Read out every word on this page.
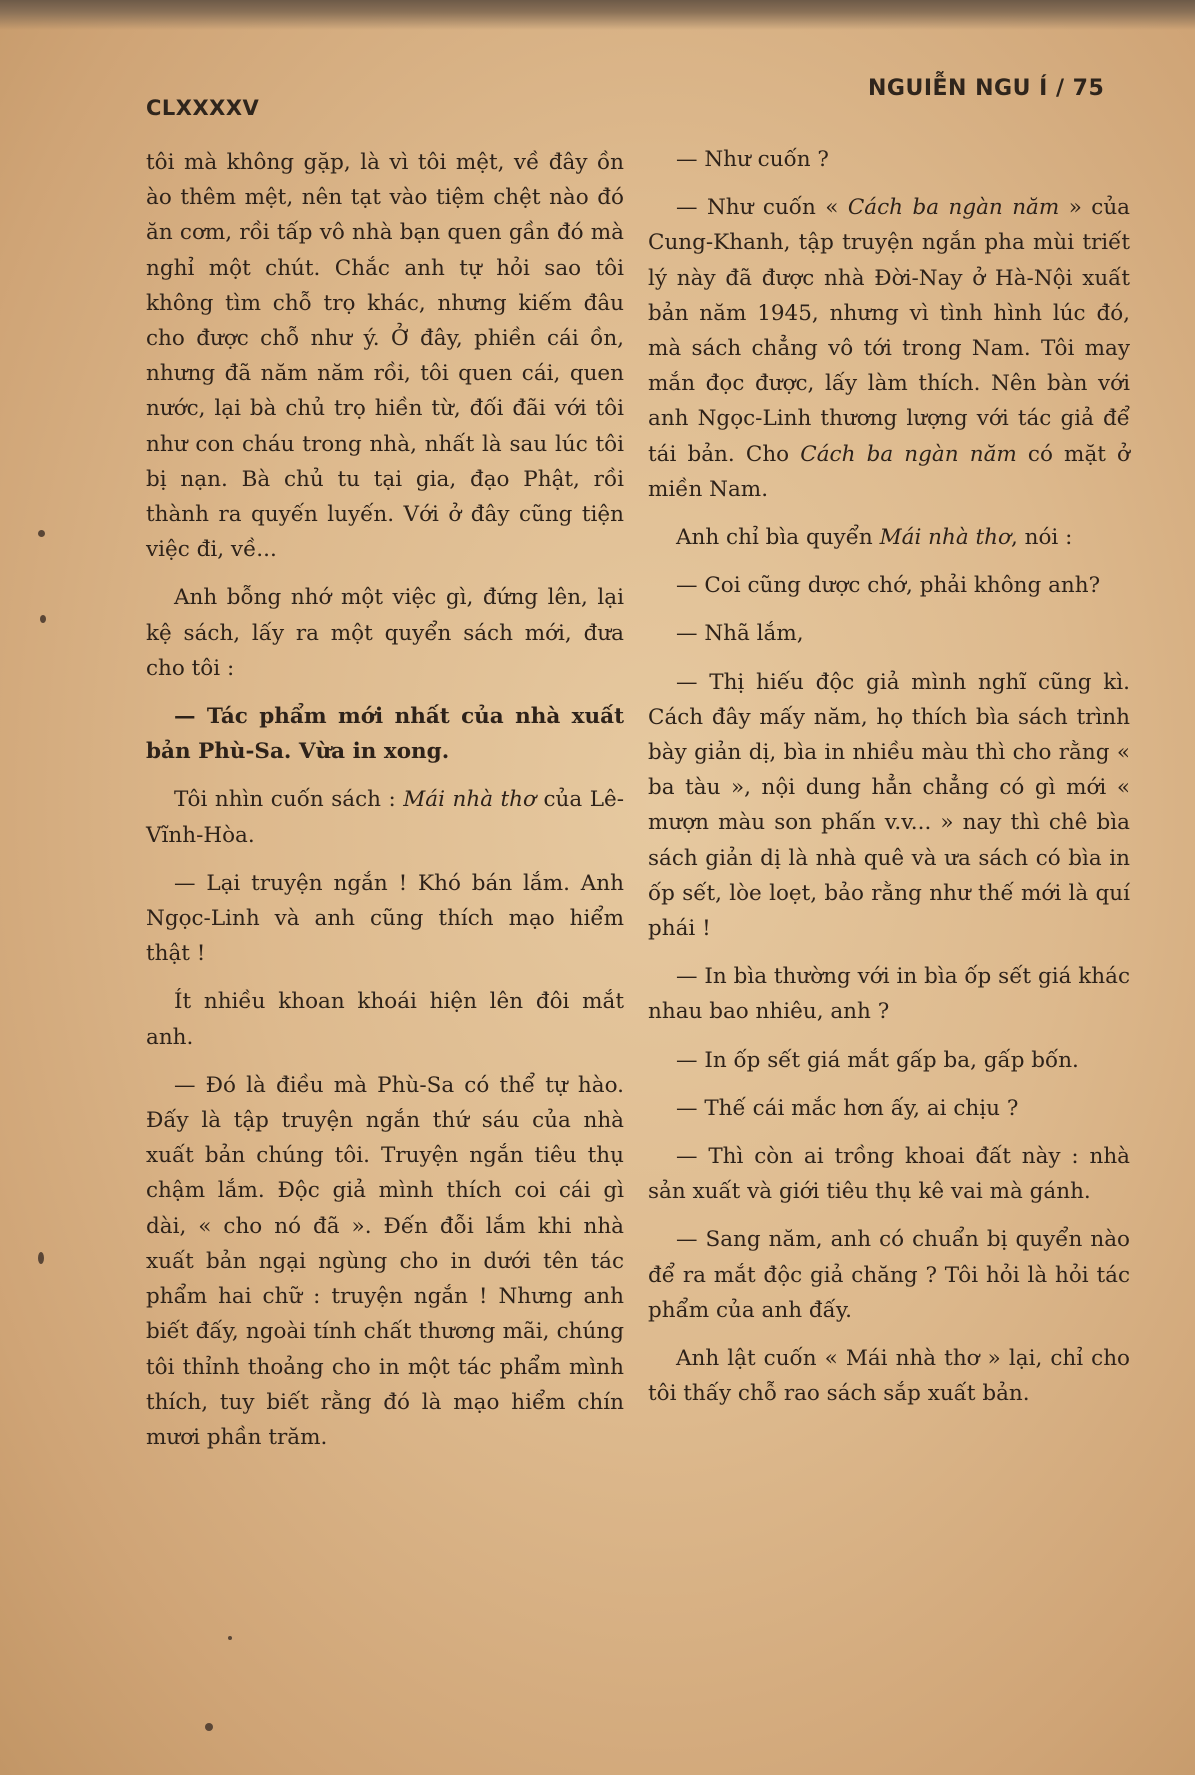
CLXXXXV
NGUIỄN NGU Í / 75

tôi mà không gặp, là vì tôi mệt, về đây ồn ào thêm mệt, nên tạt vào tiệm chệt nào đó ăn cơm, rồi tấp vô nhà bạn quen gần đó mà nghỉ một chút. Chắc anh tự hỏi sao tôi không tìm chỗ trọ khác, nhưng kiếm đâu cho được chỗ như ý. Ở đây, phiền cái ồn, nhưng đã năm năm rồi, tôi quen cái, quen nước, lại bà chủ trọ hiền từ, đối đãi với tôi như con cháu trong nhà, nhất là sau lúc tôi bị nạn. Bà chủ tu tại gia, đạo Phật, rồi thành ra quyến luyến. Với ở đây cũng tiện việc đi, về...

Anh bỗng nhớ một việc gì, đứng lên, lại kệ sách, lấy ra một quyển sách mới, đưa cho tôi :

— Tác phẩm mới nhất của nhà xuất bản Phù-Sa. Vừa in xong.

Tôi nhìn cuốn sách : Mái nhà thơ của Lê-Vĩnh-Hòa.

— Lại truyện ngắn ! Khó bán lắm. Anh Ngọc-Linh và anh cũng thích mạo hiểm thật !

Ít nhiều khoan khoái hiện lên đôi mắt anh.

— Đó là điều mà Phù-Sa có thể tự hào. Đấy là tập truyện ngắn thứ sáu của nhà xuất bản chúng tôi. Truyện ngắn tiêu thụ chậm lắm. Độc giả mình thích coi cái gì dài, « cho nó đã ». Đến đỗi lắm khi nhà xuất bản ngại ngùng cho in dưới tên tác phẩm hai chữ : truyện ngắn ! Nhưng anh biết đấy, ngoài tính chất thương mãi, chúng tôi thỉnh thoảng cho in một tác phẩm mình thích, tuy biết rằng đó là mạo hiểm chín mươi phần trăm.

— Như cuốn ?

— Như cuốn « Cách ba ngàn năm » của Cung-Khanh, tập truyện ngắn pha mùi triết lý này đã được nhà Đời-Nay ở Hà-Nội xuất bản năm 1945, nhưng vì tình hình lúc đó, mà sách chẳng vô tới trong Nam. Tôi may mắn đọc được, lấy làm thích. Nên bàn với anh Ngọc-Linh thương lượng với tác giả để tái bản. Cho Cách ba ngàn năm có mặt ở miền Nam.

Anh chỉ bìa quyển Mái nhà thơ, nói :

— Coi cũng dược chớ, phải không anh?

— Nhã lắm,

— Thị hiếu độc giả mình nghĩ cũng kì. Cách đây mấy năm, họ thích bìa sách trình bày giản dị, bìa in nhiều màu thì cho rằng « ba tàu », nội dung hẳn chẳng có gì mới « mượn màu son phấn v.v... » nay thì chê bìa sách giản dị là nhà quê và ưa sách có bìa in ốp sết, lòe loẹt, bảo rằng như thế mới là quí phái !

— In bìa thường với in bìa ốp sết giá khác nhau bao nhiêu, anh ?

— In ốp sết giá mắt gấp ba, gấp bốn.

— Thế cái mắc hơn ấy, ai chịu ?

— Thì còn ai trồng khoai đất này : nhà sản xuất và giới tiêu thụ kê vai mà gánh.

— Sang năm, anh có chuẩn bị quyển nào để ra mắt độc giả chăng ? Tôi hỏi là hỏi tác phẩm của anh đấy.

Anh lật cuốn « Mái nhà thơ » lại, chỉ cho tôi thấy chỗ rao sách sắp xuất bản.
